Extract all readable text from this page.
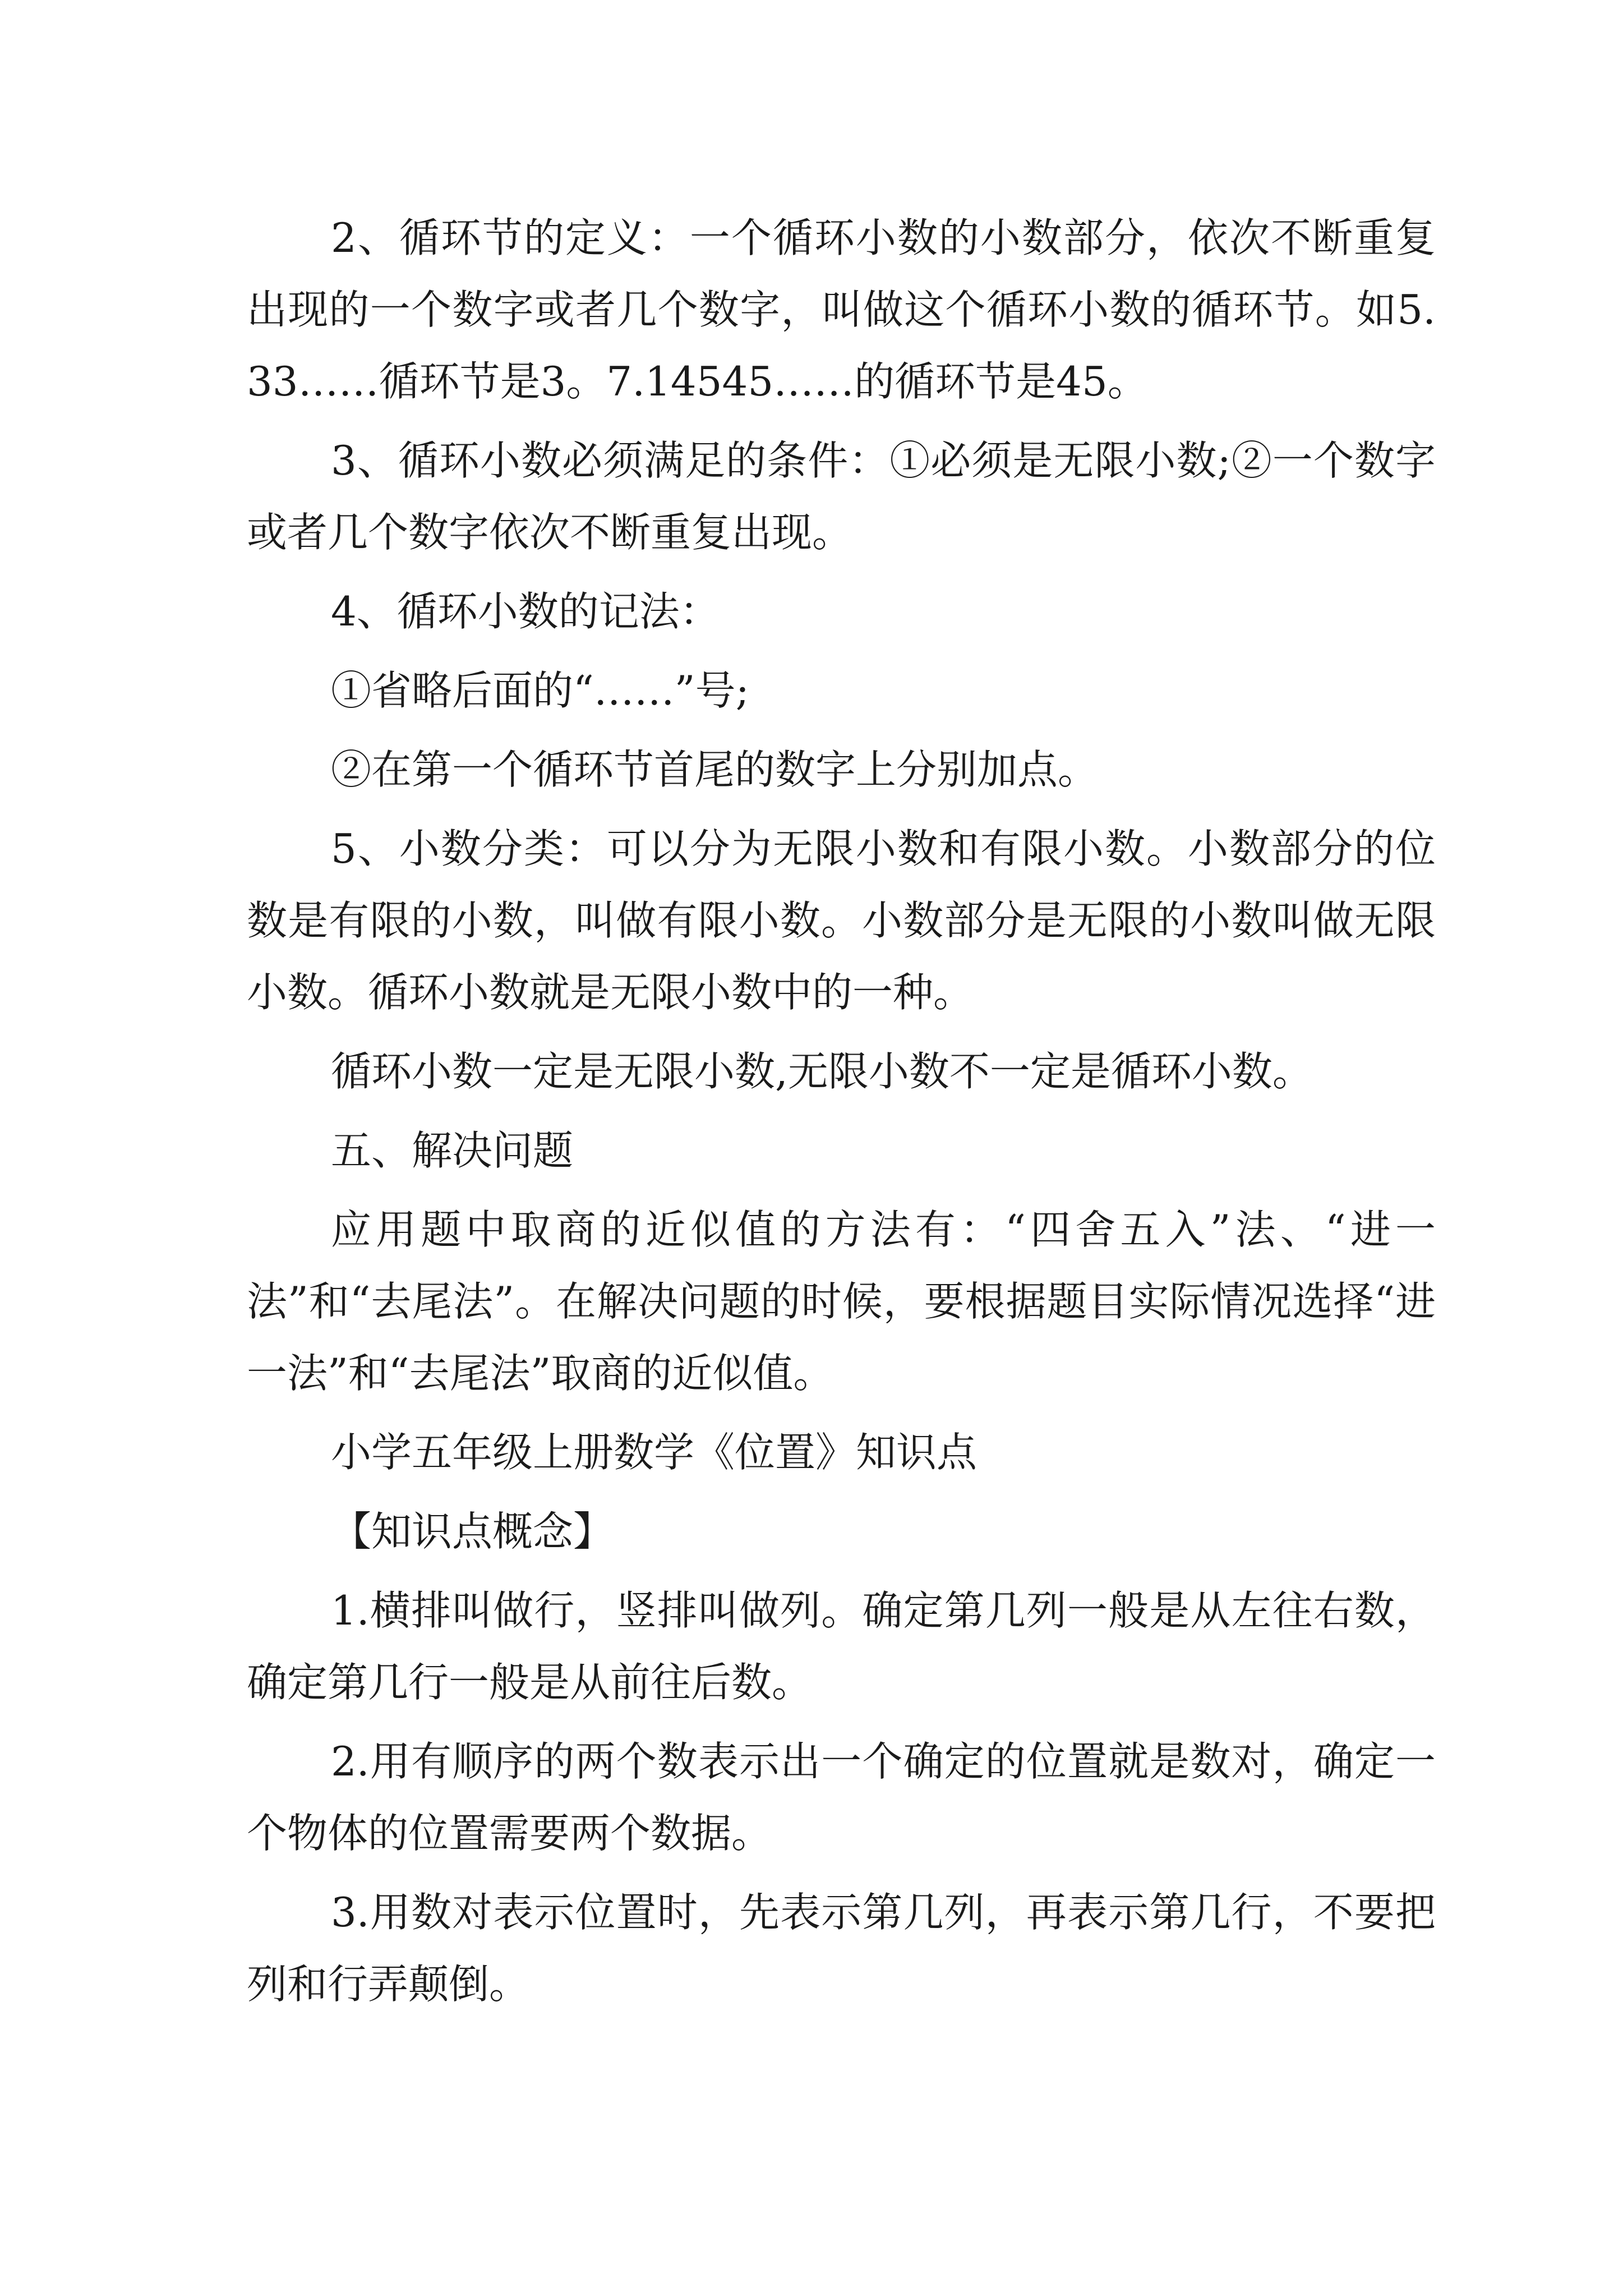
2、循环节的定义：一个循环小数的小数部分，依次不断重复出现的一个数字或者几个数字，叫做这个循环小数的循环节。如5.33……循环节是3。7.14545……的循环节是45。

3、循环小数必须满足的条件：①必须是无限小数;②一个数字或者几个数字依次不断重复出现。

4、循环小数的记法：

①省略后面的“……”号;

②在第一个循环节首尾的数字上分别加点。

5、小数分类：可以分为无限小数和有限小数。小数部分的位数是有限的小数，叫做有限小数。小数部分是无限的小数叫做无限小数。循环小数就是无限小数中的一种。

循环小数一定是无限小数,无限小数不一定是循环小数。

五、解决问题

应用题中取商的近似值的方法有：“四舍五入”法、“进一法”和“去尾法”。在解决问题的时候，要根据题目实际情况选择“进一法”和“去尾法”取商的近似值。

小学五年级上册数学《位置》知识点

【知识点概念】

1.横排叫做行，竖排叫做列。确定第几列一般是从左往右数，确定第几行一般是从前往后数。

2.用有顺序的两个数表示出一个确定的位置就是数对，确定一个物体的位置需要两个数据。

3.用数对表示位置时，先表示第几列，再表示第几行，不要把列和行弄颠倒。
